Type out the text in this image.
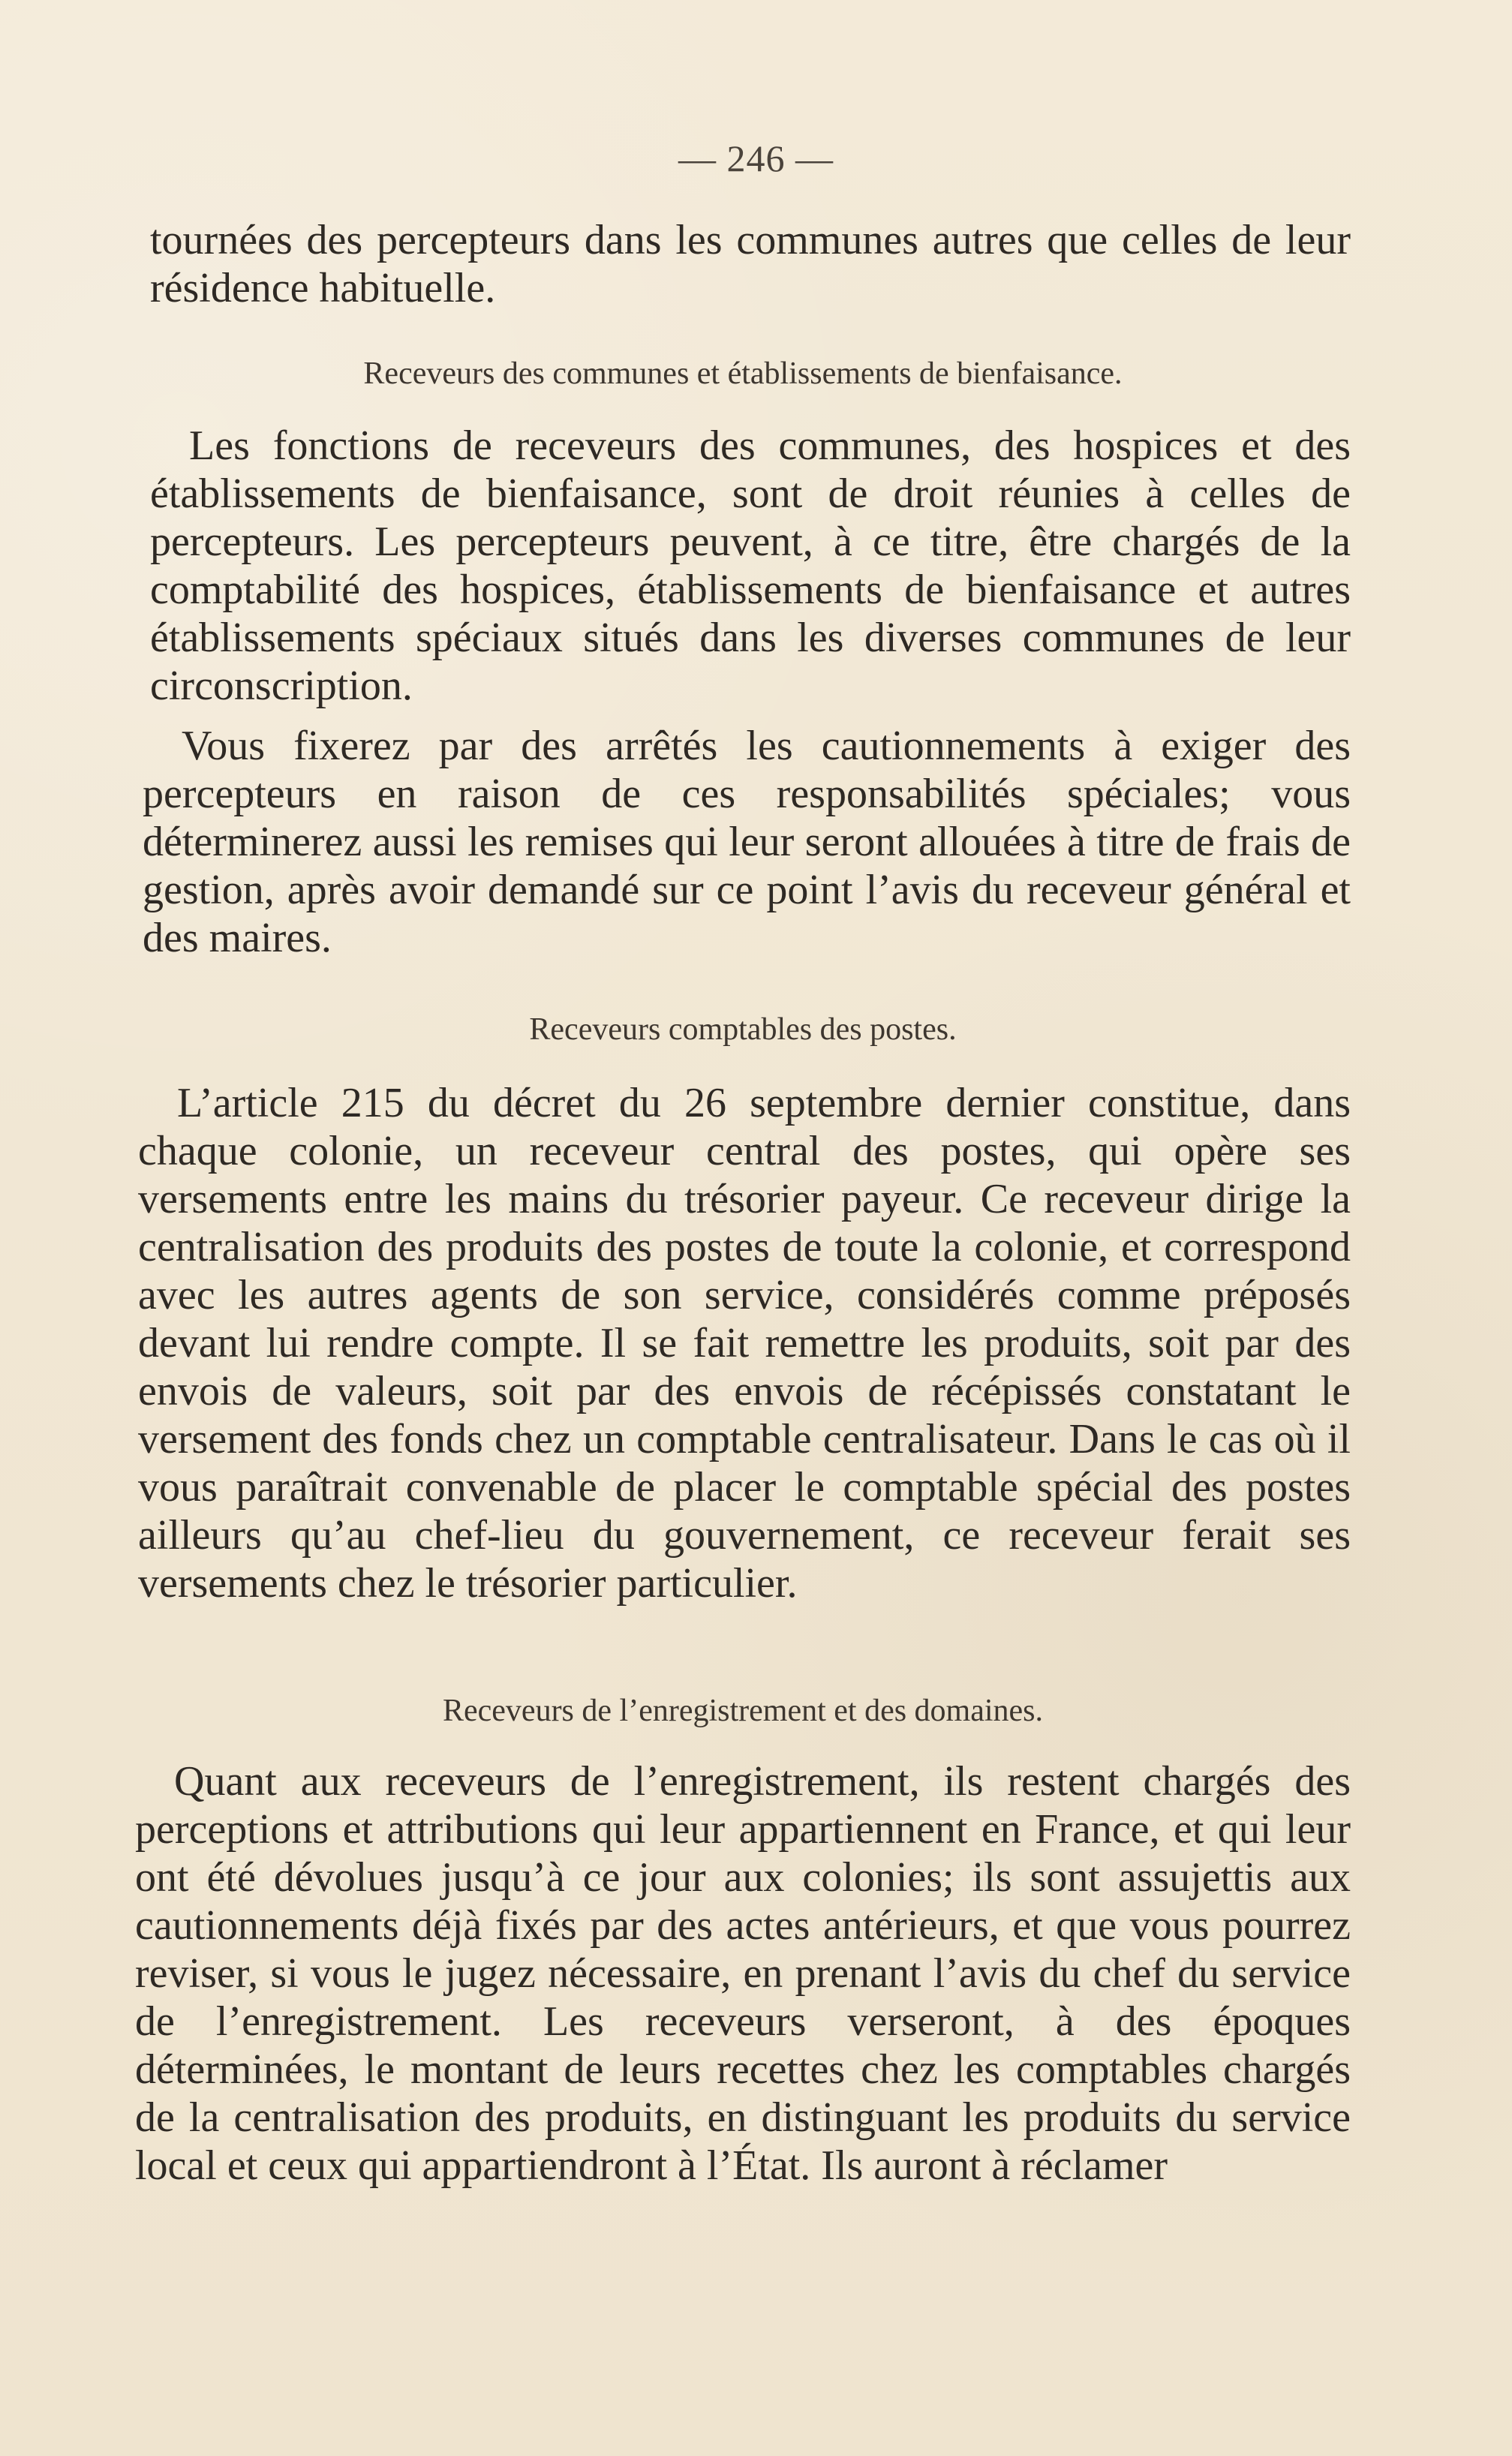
— 246 —

tournées des percepteurs dans les communes autres que celles de leur résidence habituelle.

Receveurs des communes et établissements de bienfaisance.

Les fonctions de receveurs des communes, des hospices et des établissements de bienfaisance, sont de droit réunies à celles de percepteurs. Les percepteurs peuvent, à ce titre, être chargés de la comptabilité des hospices, établissements de bienfaisance et autres établissements spéciaux situés dans les diverses communes de leur circonscription.

Vous fixerez par des arrêtés les cautionnements à exiger des percepteurs en raison de ces responsabilités spéciales; vous déterminerez aussi les remises qui leur seront allouées à titre de frais de gestion, après avoir demandé sur ce point l’avis du receveur général et des maires.

Receveurs comptables des postes.

L’article 215 du décret du 26 septembre dernier constitue, dans chaque colonie, un receveur central des postes, qui opère ses versements entre les mains du trésorier payeur. Ce receveur dirige la centralisation des produits des postes de toute la colonie, et correspond avec les autres agents de son service, considérés comme préposés devant lui rendre compte. Il se fait remettre les produits, soit par des envois de valeurs, soit par des envois de récépissés constatant le versement des fonds chez un comptable centralisateur. Dans le cas où il vous paraîtrait convenable de placer le comptable spécial des postes ailleurs qu’au chef-lieu du gouvernement, ce receveur ferait ses versements chez le trésorier particulier.

Receveurs de l’enregistrement et des domaines.

Quant aux receveurs de l’enregistrement, ils restent chargés des perceptions et attributions qui leur appartiennent en France, et qui leur ont été dévolues jusqu’à ce jour aux colonies; ils sont assujettis aux cautionnements déjà fixés par des actes antérieurs, et que vous pourrez reviser, si vous le jugez nécessaire, en prenant l’avis du chef du service de l’enregistrement. Les receveurs verseront, à des époques déterminées, le montant de leurs recettes chez les comptables chargés de la centralisation des produits, en distinguant les produits du service local et ceux qui appartiendront à l’État. Ils auront à réclamer
